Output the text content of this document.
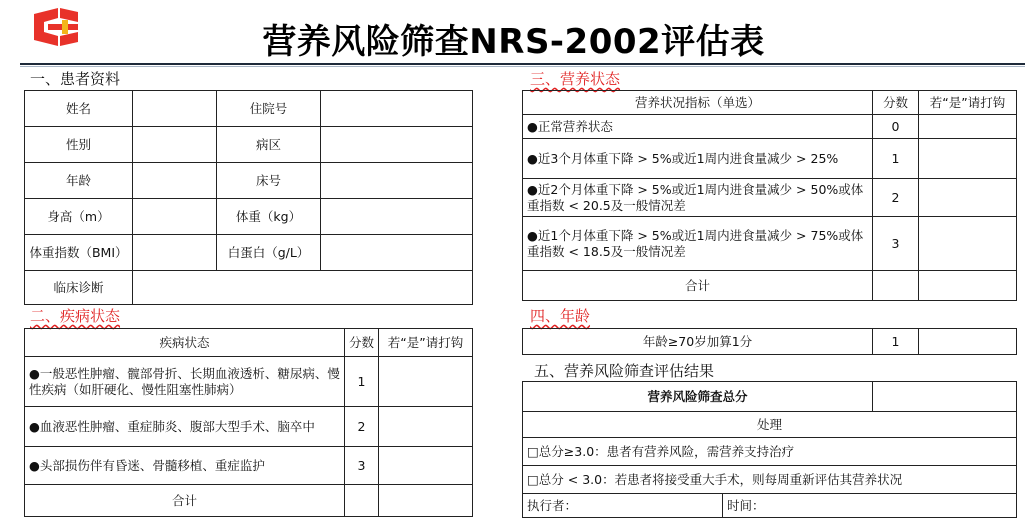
营养风险筛查NRS-2002评估表
一、患者资料
姓名		住院号	
性别		病区	
年龄		床号	
身高（m）		体重（kg）	
体重指数（BMI）		白蛋白（g/L）	
临床诊断			
二、疾病状态
疾病状态	分数	若“是”请打钩
●一般恶性肿瘤、髋部骨折、长期血液透析、糖尿病、慢性疾病（如肝硬化、慢性阻塞性肺病）	1	
●血液恶性肿瘤、重症肺炎、腹部大型手术、脑卒中	2	
●头部损伤伴有昏迷、骨髓移植、重症监护	3	
合计		
三、营养状态
营养状况指标（单选）	分数	若“是”请打钩
●正常营养状态	0	
●近3个月体重下降 > 5%或近1周内进食量减少 > 25%	1	
●近2个月体重下降 > 5%或近1周内进食量减少 > 50%或体重指数 < 20.5及一般情况差	2	
●近1个月体重下降 > 5%或近1周内进食量减少 > 75%或体重指数 < 18.5及一般情况差	3	
合计		
四、年龄
年龄≥70岁加算1分	1	
五、营养风险筛查评估结果
营养风险筛查总分		
处理		
□总分≥3.0：患者有营养风险，需营养支持治疗		
□总分 < 3.0：若患者将接受重大手术，则每周重新评估其营养状况		
执行者：	时间：	
